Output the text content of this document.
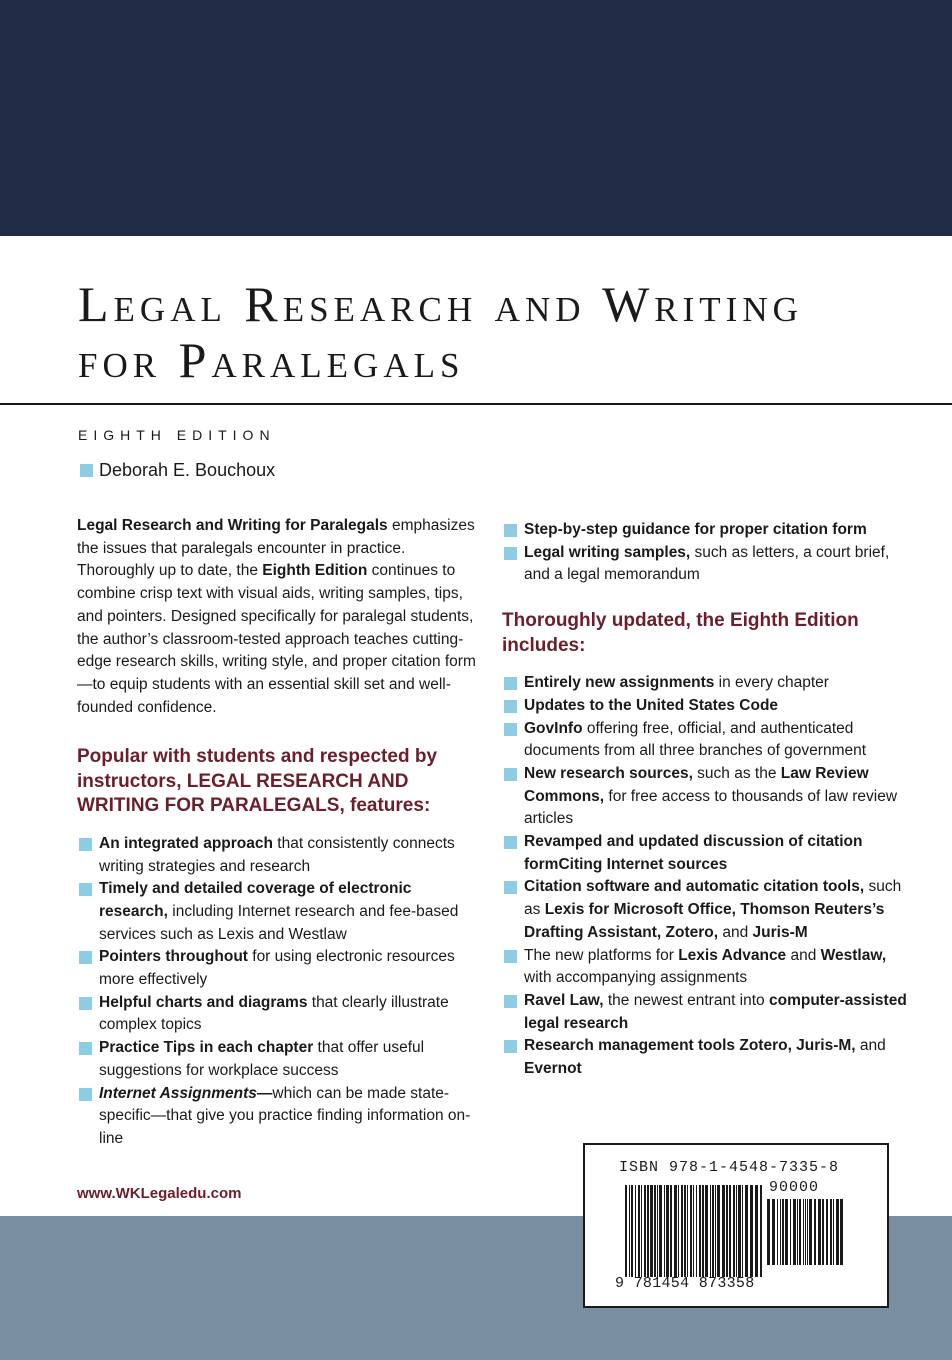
Legal Research and Writing
for Paralegals
EIGHTH EDITION
Deborah E. Bouchoux

Legal Research and Writing for Paralegals emphasizes the issues that paralegals encounter in practice. Thoroughly up to date, the Eighth Edition continues to combine crisp text with visual aids, writing samples, tips, and pointers. Designed specifically for paralegal students, the author’s classroom-tested approach teaches cutting-edge research skills, writing style, and proper citation form—to equip students with an essential skill set and well-founded confidence.

Popular with students and respected by instructors, LEGAL RESEARCH AND WRITING FOR PARALEGALS, features:
An integrated approach that consistently connects writing strategies and research
Timely and detailed coverage of electronic research, including Internet research and fee-based services such as Lexis and Westlaw
Pointers throughout for using electronic resources more effectively
Helpful charts and diagrams that clearly illustrate complex topics
Practice Tips in each chapter that offer useful suggestions for workplace success
Internet Assignments—which can be made state-specific—that give you practice finding information on-line
Step-by-step guidance for proper citation form
Legal writing samples, such as letters, a court brief, and a legal memorandum
Thoroughly updated, the Eighth Edition includes:
Entirely new assignments in every chapter
Updates to the United States Code
GovInfo offering free, official, and authenticated documents from all three branches of government
New research sources, such as the Law Review Commons, for free access to thousands of law review articles
Revamped and updated discussion of citation formCiting Internet sources
Citation software and automatic citation tools, such as Lexis for Microsoft Office, Thomson Reuters’s Drafting Assistant, Zotero, and Juris-M
The new platforms for Lexis Advance and Westlaw, with accompanying assignments
Ravel Law, the newest entrant into computer-assisted legal research
Research management tools Zotero, Juris-M, and Evernot
www.WKLegaledu.com
ISBN 978-1-4548-7335-8
90000
9 781454 873358
